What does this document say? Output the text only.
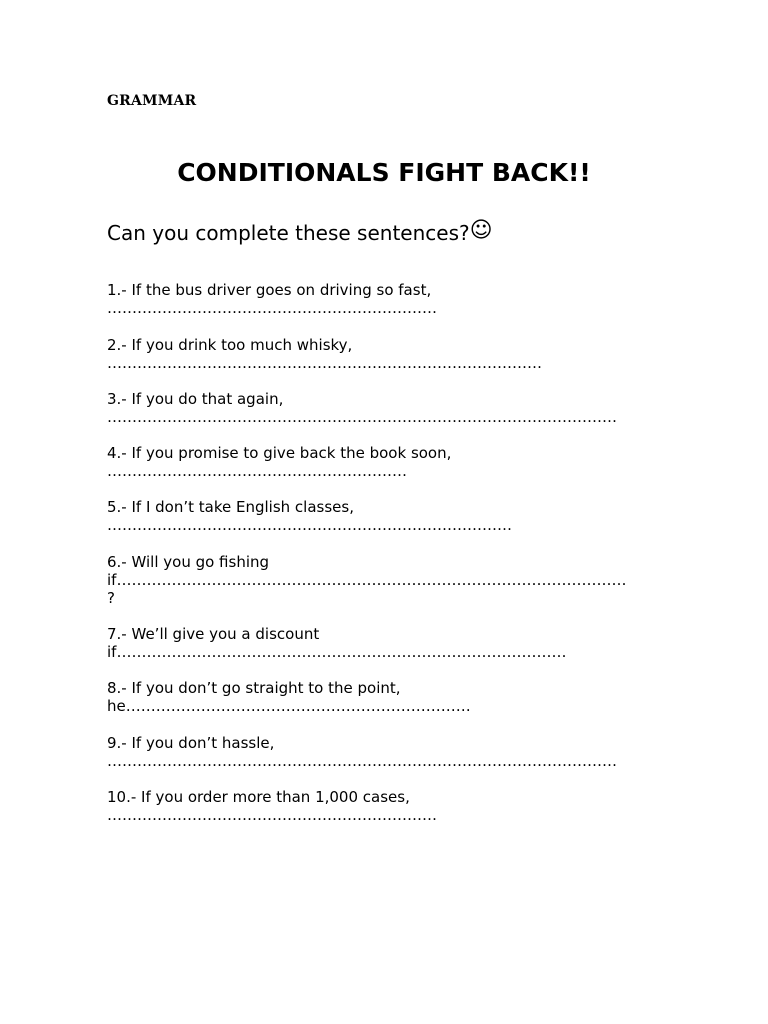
GRAMMAR

CONDITIONALS FIGHT BACK!!

Can you complete these sentences?☺

1.- If the bus driver goes on driving so fast,
…………………………………………………………
2.- If you drink too much whisky,
……………………………………………………………………………
3.- If you do that again,
…………………………………………………………………………………………
4.- If you promise to give back the book soon,
……………………………………………………
5.- If I don’t take English classes,
………………………………………………………………………
6.- Will you go fishing
if…………………………………………………………………………………………
?
7.- We’ll give you a discount
if………………………………………………………………………………
8.- If you don’t go straight to the point,
he……………………………………………………………
9.- If you don’t hassle,
…………………………………………………………………………………………
10.- If you order more than 1,000 cases,
…………………………………………………………
